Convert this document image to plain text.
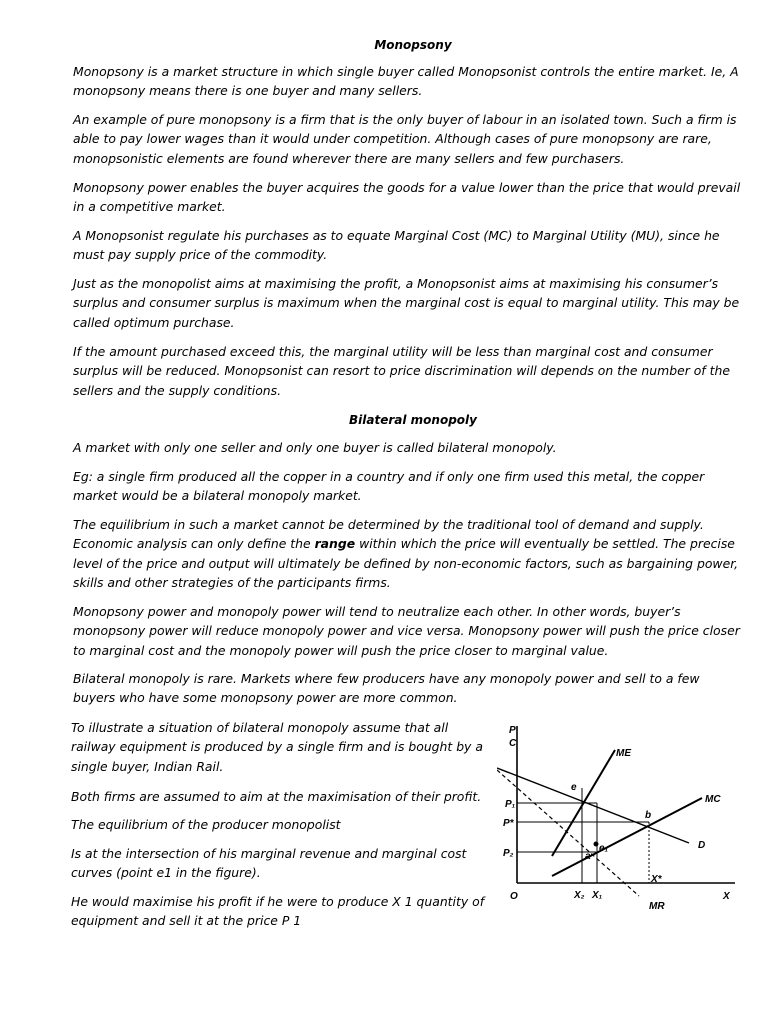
Monopsony

Monopsony is a market structure in which single buyer called Monopsonist controls the entire market. Ie, A monopsony means there is one buyer and many sellers.

An example of pure monopsony is a firm that is the only buyer of labour in an isolated town. Such a firm is able to pay lower wages than it would under competition. Although cases of pure monopsony are rare, monopsonistic elements are found wherever there are many sellers and few purchasers.

Monopsony power enables the buyer acquires the goods for a value lower than the price that would prevail in a competitive market.

A Monopsonist regulate his purchases as to equate Marginal Cost (MC) to Marginal Utility (MU), since he must pay supply price of the commodity.

Just as the monopolist aims at maximising the profit, a Monopsonist aims at maximising his consumer’s surplus and consumer surplus is maximum when the marginal cost is equal to marginal utility. This may be called optimum purchase.

If the amount purchased exceed this, the marginal utility will be less than marginal cost and consumer surplus will be reduced. Monopsonist can resort to price discrimination will depends on the number of the sellers and the supply conditions.

Bilateral monopoly

A market with only one seller and only one buyer is called bilateral monopoly.

Eg: a single firm produced all the copper in a country and if only one firm used this metal, the copper market would be a bilateral monopoly market.

The equilibrium in such a market cannot be determined by the traditional tool of demand and supply. Economic analysis can only define the range within which the price will eventually be settled. The precise level of the price and output will ultimately be defined by non-economic factors, such as bargaining power, skills and other strategies of the participants firms.

Monopsony power and monopoly power will tend to neutralize each other. In other words, buyer’s monopsony power will reduce monopoly power and vice versa. Monopsony power will push the price closer to marginal cost and the monopoly power will push the price closer to marginal value.

Bilateral monopoly is rare. Markets where few producers have any monopoly power and sell to a few buyers who have some monopsony power are more common.

To illustrate a situation of bilateral monopoly assume that all railway equipment is produced by a single firm and is bought by a single buyer, Indian Rail.

Both firms are assumed to aim at the maximisation of their profit.

The equilibrium of the producer monopolist

Is at the intersection of his marginal revenue and marginal cost curves (point e1 in the figure).

He would maximise his profit if he were to produce X 1 quantity of equipment and sell it at the price P 1

P
C
O	X
ME
MC
D
MR
P₁
P*
P₂
e
b
a
e₁
X₂ X₁
X*
